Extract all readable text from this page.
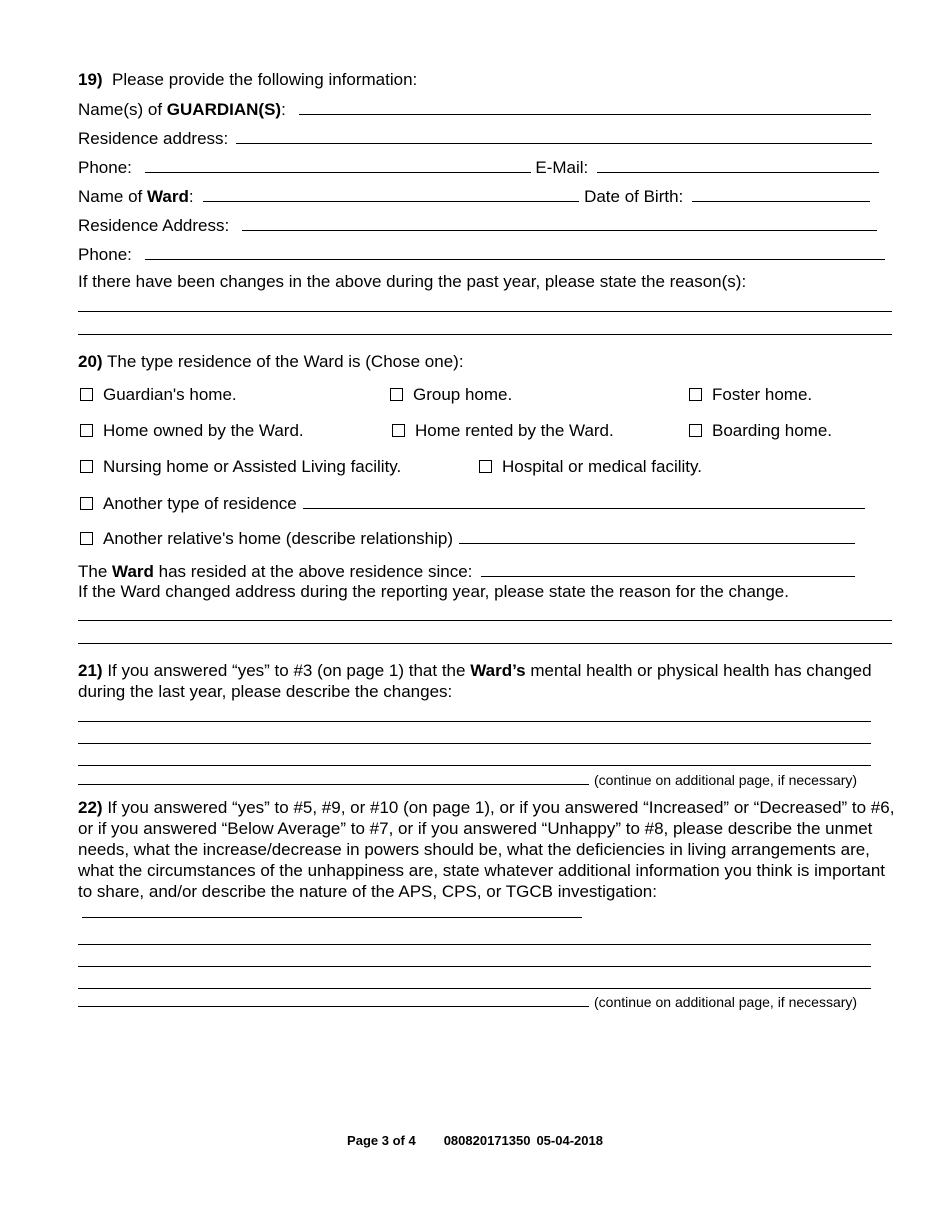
19) Please provide the following information:
Name(s) of GUARDIAN(S):
Residence address:
Phone:	E-Mail:
Name of Ward:	Date of Birth:
Residence Address:
Phone:
If there have been changes in the above during the past year, please state the reason(s):
20) The type residence of the Ward is (Chose one):
Guardian's home.	Group home.	Foster home.
Home owned by the Ward.	Home rented by the Ward.	Boarding home.
Nursing home or Assisted Living facility.	Hospital or medical facility.
Another type of residence
Another relative's home (describe relationship)
The Ward has resided at the above residence since:
If the Ward changed address during the reporting year, please state the reason for the change.
21) If you answered “yes” to #3 (on page 1) that the Ward’s mental health or physical health has changed during the last year, please describe the changes:
(continue on additional page, if necessary)
22) If you answered “yes” to #5, #9, or #10 (on page 1), or if you answered “Increased” or “Decreased” to #6, or if you answered “Below Average” to #7, or if you answered “Unhappy” to #8, please describe the unmet needs, what the increase/decrease in powers should be, what the deficiencies in living arrangements are, what the circumstances of the unhappiness are, state whatever additional information you think is important to share, and/or describe the nature of the APS, CPS, or TGCB investigation:
(continue on additional page, if necessary)
Page 3 of 4 080820171350 05-04-2018
